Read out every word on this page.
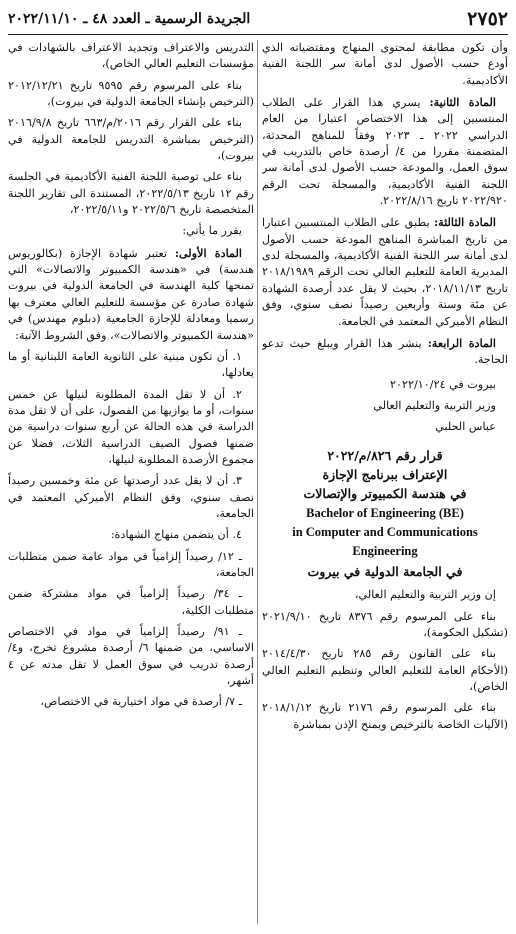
٢٧٥٢
الجريدة الرسمية ـ العدد ٤٨ ـ ٢٠٢٢/١١/١٠

وأن تكون مطابقة لمحتوى المنهاج ومقتضياته الذي أودع حسب الأصول لدى أمانة سر اللجنة الفنية الأكاديمية.

المادة الثانية: يسري هذا القرار على الطلاب المنتسبين إلى هذا الاختصاص اعتبارا من العام الدراسي ٢٠٢٢ ـ ٢٠٢٣ وفقاً للمناهج المحدثة، المتضمنة مقررا من ٤/ أرصدة خاص بالتدريب في سوق العمل، والمودعة حسب الأصول لدى أمانة سر اللجنة الفنية الأكاديمية، والمسجلة تحت الرقم ٢٠٢٢/٩٢٠ تاريخ ٢٠٢٢/٨/١٦.

المادة الثالثة: يطبق على الطلاب المنتسبين اعتبارا من تاريخ المباشرة المناهج المودعة حسب الأصول لدى أمانة سر اللجنة الفنية الأكاديمية، والمسجلة لدى المديرية العامة للتعليم العالي تحت الرقم ٢٠١٨/١٩٨٩ تاريخ ٢٠١٨/١١/١٣، بحيث لا يقل عدد أرصدة الشهادة عن مئة وستة وأربعين رصيداً نصف سنوي، وفق النظام الأميركي المعتمد في الجامعة.

المادة الرابعة: ينشر هذا القرار ويبلغ حيث تدعو الحاجة.

بيروت في ٢٠٢٢/١٠/٢٤

وزير التربية والتعليم العالي

عباس الحلبي

قرار رقم ٨٢٦/م/٢٠٢٢

الإعتراف ببرنامج الإجازة

في هندسة الكمبيوتر والإتصالات

Bachelor of Engineering (BE)

in Computer and Communications

Engineering

في الجامعة الدولية في بيروت

إن وزير التربية والتعليم العالي،

بناء على المرسوم رقم ٨٣٧٦ تاريخ ٢٠٢١/٩/١٠ (تشكيل الحكومة)،

بناء على القانون رقم ٢٨٥ تاريخ ٢٠١٤/٤/٣٠ (الأحكام العامة للتعليم العالي وتنظيم التعليم العالي الخاص)،

بناء على المرسوم رقم ٢١٧٦ تاريخ ٢٠١٨/١/١٢ (الآليات الخاصة بالترخيص ويمنح الإذن بمباشرة

التدريس والاعتراف وتجديد الاعتراف بالشهادات في مؤسسات التعليم العالي الخاص)،

بناء على المرسوم رقم ٩٥٩٥ تاريخ ٢٠١٢/١٢/٢١ (الترخيص بإنشاء الجامعة الدولية في بيروت)،

بناء على القرار رقم ٢٠١٦/م/٦٦٣ تاريخ ٢٠١٦/٩/٨ (الترخيص بمباشرة التدريس للجامعة الدولية في بيروت)،

بناء على توصية اللجنة الفنية الأكاديمية في الجلسة رقم ١٢ تاريخ ٢٠٢٢/٥/١٣، المستندة الى تقارير اللجنة المتخصصة تاريخ ٢٠٢٢/٥/٦ و٢٠٢٢/٥/١١،

يقرر ما يأتي:

المادة الأولى: تعتبر شهادة الإجازة (بكالوريوس هندسة) في «هندسة الكمبيوتر والاتصالات» التي تمنحها كلية الهندسة في الجامعة الدولية في بيروت شهادة صادرة عن مؤسسة للتعليم العالي معترف بها رسميا ومعادلة للإجازة الجامعية (دبلوم مهندس) في «هندسة الكمبيوتر والاتصالات»، وفق الشروط الآتية:

١. أن تكون مبنية على الثانوية العامة اللبنانية أو ما يعادلها،

٢. أن لا تقل المدة المطلوبة لنيلها عن خمس سنوات، أو ما يوازيها من الفصول، على أن لا تقل مدة الدراسة في هذه الحالة عن أربع سنوات دراسية من ضمنها فصول الصيف الدراسية الثلاث، فضلا عن مجموع الأرصدة المطلوبة لنيلها،

٣. أن لا يقل عدد أرصدتها عن مئة وخمسين رصيداً نصف سنوي، وفق النظام الأميركي المعتمد في الجامعة،

٤. أن يتضمن منهاج الشهادة:

ـ ١٢/ رصيداً إلزامياً في مواد عامة ضمن متطلبات الجامعة،

ـ ٣٤/ رصيداً إلزامياً في مواد مشتركة ضمن متطلبات الكلية،

ـ ٩١/ رصيداً إلزامياً في مواد في الاختصاص الاساسي، من ضمنها ٦/ أرصدة مشروع تخرج، و٤/ أرصدة تدريب في سوق العمل لا تقل مدته عن ٤ أشهر،

ـ ٧/ أرصدة في مواد اختيارية في الاختصاص،
